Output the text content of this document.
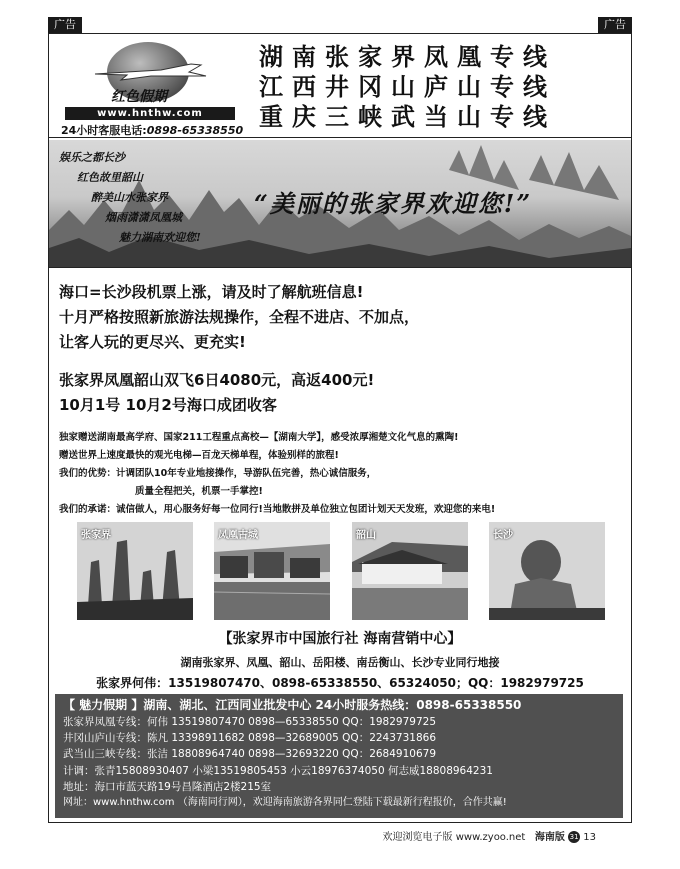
广告	广告
红色假期
www.hnthw.com
24小时客服电话:0898-65338550
湖南张家界凤凰专线
江西井冈山庐山专线
重庆三峡武当山专线
娱乐之都长沙
红色故里韶山
醉美山水张家界
烟雨潇潇凤凰城
魅力湖南欢迎您!
“美丽的张家界欢迎您!”
海口=长沙段机票上涨，请及时了解航班信息!
十月严格按照新旅游法规操作，全程不进店、不加点，
让客人玩的更尽兴、更充实!
张家界凤凰韶山双飞6日4080元，高返400元!
10月1号 10月2号海口成团收客
独家赠送湖南最高学府、国家211工程重点高校—【湖南大学】，感受浓厚湘楚文化气息的熏陶!
赠送世界上速度最快的观光电梯—百龙天梯单程，体验别样的旅程!
我们的优势：计调团队10年专业地接操作，导游队伍完善，热心诚信服务，
质量全程把关，机票一手掌控!
我们的承诺：诚信做人，用心服务好每一位同行!当地散拼及单位独立包团计划天天发班，欢迎您的来电!
张家界	凤凰古城	韶山	长沙
【张家界市中国旅行社 海南营销中心】
湖南张家界、凤凰、韶山、岳阳楼、南岳衡山、长沙专业同行地接
张家界何伟：13519807470、0898-65338550、65324050；QQ：1982979725
【 魅力假期 】湖南、湖北、江西同业批发中心 24小时服务热线：0898-65338550
张家界凤凰专线：何伟 13519807470 0898—65338550 QQ：1982979725
井冈山庐山专线：陈凡 13398911682 0898—32689005 QQ：2243731866
武当山三峡专线：张洁 18808964740 0898—32693220 QQ：2684910679
计调：张青15808930407 小梁13519805453 小云18976374050 何志威18808964231
地址：海口市蓝天路19号昌隆酒店2楼215室
网址：www.hnthw.com （海南同行网），欢迎海南旅游各界同仁登陆下载最新行程报价，合作共赢!
欢迎浏览电子版 www.zyoo.net 海南版 31 13
